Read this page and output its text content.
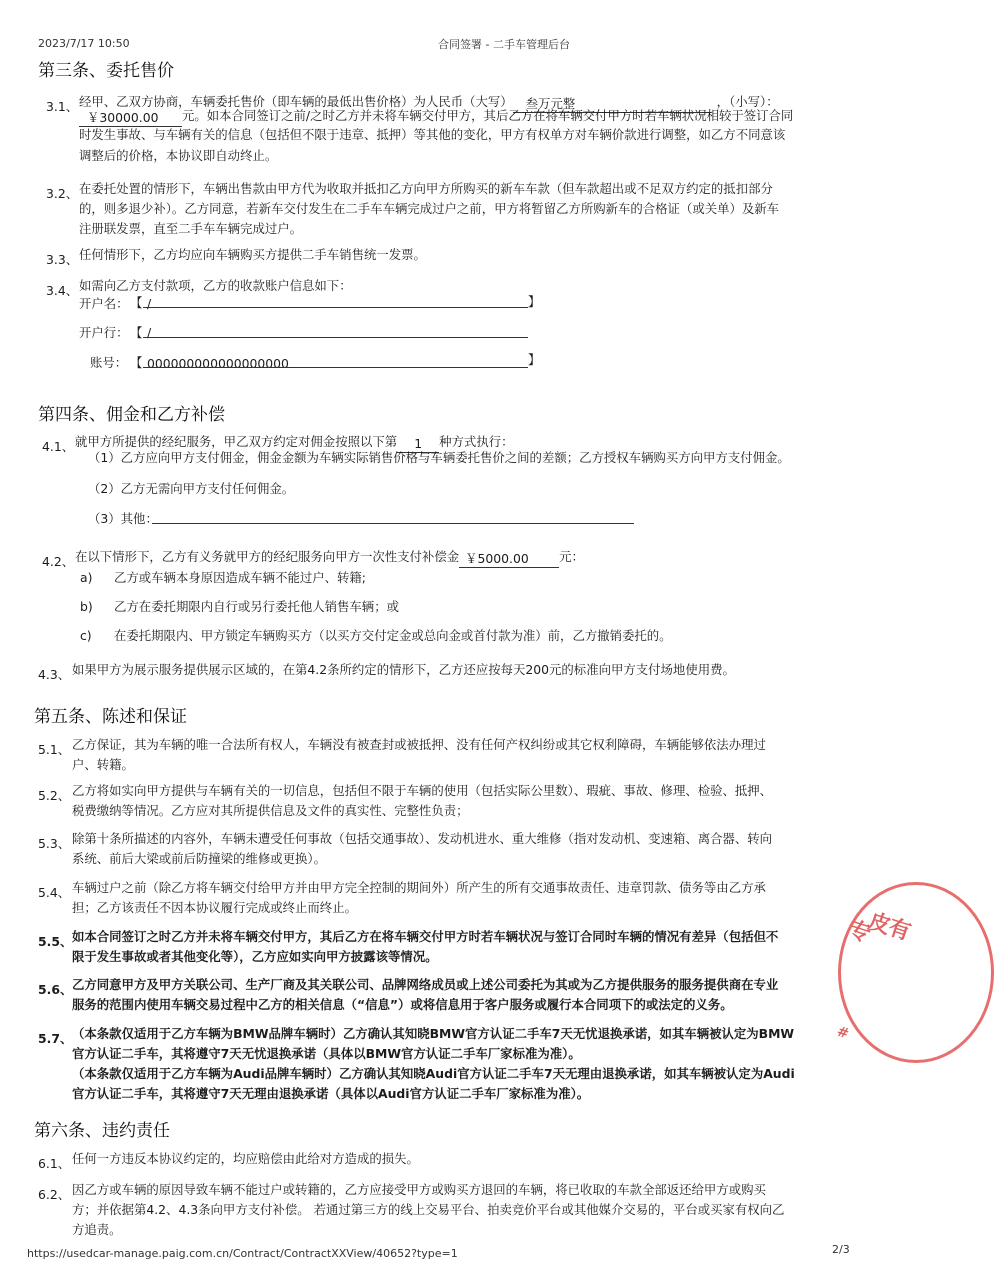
2023/7/17 10:50	合同签署 - 二手车管理后台
第三条、委托售价
3.1、 经甲、乙双方协商，车辆委托售价（即车辆的最低出售价格）为人民币（大写） 叁万元整	，（小写）：
￥30000.00 元。如本合同签订之前/之时乙方并未将车辆交付甲方，其后乙方在将车辆交付甲方时若车辆状况相较于签订合同
时发生事故、与车辆有关的信息（包括但不限于违章、抵押）等其他的变化，甲方有权单方对车辆价款进行调整，如乙方不同意该
调整后的价格，本协议即自动终止。
3.2、 在委托处置的情形下，车辆出售款由甲方代为收取并抵扣乙方向甲方所购买的新车车款（但车款超出或不足双方约定的抵扣部分
的，则多退少补）。乙方同意，若新车交付发生在二手车车辆完成过户之前，甲方将暂留乙方所购新车的合格证（或关单）及新车
注册联发票，直至二手车车辆完成过户。
3.3、 任何情形下，乙方均应向车辆购买方提供二手车销售统一发票。
3.4、 如需向乙方支付款项，乙方的收款账户信息如下：
开户名： 【 /	】
开户行： 【 /
账号： 【 000000000000000000	】
第四条、佣金和乙方补偿
4.1、 就甲方所提供的经纪服务，甲乙双方约定对佣金按照以下第 1 种方式执行：
（1）乙方应向甲方支付佣金，佣金金额为车辆实际销售价格与车辆委托售价之间的差额；乙方授权车辆购买方向甲方支付佣金。
（2）乙方无需向甲方支付任何佣金。
（3）其他：
4.2、 在以下情形下，乙方有义务就甲方的经纪服务向甲方一次性支付补偿金 ￥5000.00 元：
a) 乙方或车辆本身原因造成车辆不能过户、转籍;
b) 乙方在委托期限内自行或另行委托他人销售车辆；或
c) 在委托期限内、甲方锁定车辆购买方（以买方交付定金或总向金或首付款为准）前，乙方撤销委托的。
4.3、 如果甲方为展示服务提供展示区域的，在第4.2条所约定的情形下，乙方还应按每天200元的标准向甲方支付场地使用费。
第五条、陈述和保证
5.1、 乙方保证，其为车辆的唯一合法所有权人，车辆没有被查封或被抵押、没有任何产权纠纷或其它权利障碍，车辆能够依法办理过
户、转籍。
5.2、 乙方将如实向甲方提供与车辆有关的一切信息，包括但不限于车辆的使用（包括实际公里数）、瑕疵、事故、修理、检验、抵押、
税费缴纳等情况。乙方应对其所提供信息及文件的真实性、完整性负责；
5.3、 除第十条所描述的内容外，车辆未遭受任何事故（包括交通事故）、发动机进水、重大维修（指对发动机、变速箱、离合器、转向
系统、前后大梁或前后防撞梁的维修或更换）。
5.4、 车辆过户之前（除乙方将车辆交付给甲方并由甲方完全控制的期间外）所产生的所有交通事故责任、违章罚款、债务等由乙方承
担；乙方该责任不因本协议履行完成或终止而终止。
5.5、 如本合同签订之时乙方并未将车辆交付甲方，其后乙方在将车辆交付甲方时若车辆状况与签订合同时车辆的情况有差异（包括但不
限于发生事故或者其他变化等），乙方应如实向甲方披露该等情况。
5.6、 乙方同意甲方及甲方关联公司、生产厂商及其关联公司、品牌网络成员或上述公司委托为其或为乙方提供服务的服务提供商在专业
服务的范围内使用车辆交易过程中乙方的相关信息（“信息”）或将信息用于客户服务或履行本合同项下的或法定的义务。
5.7、 （本条款仅适用于乙方车辆为BMW品牌车辆时）乙方确认其知晓BMW官方认证二手车7天无忧退换承诺，如其车辆被认定为BMW
官方认证二手车，其将遵守7天无忧退换承诺（具体以BMW官方认证二手车厂家标准为准）。
（本条款仅适用于乙方车辆为Audi品牌车辆时）乙方确认其知晓Audi官方认证二手车7天无理由退换承诺，如其车辆被认定为Audi
官方认证二手车，其将遵守7天无理由退换承诺（具体以Audi官方认证二手车厂家标准为准）。
第六条、违约责任
6.1、 任何一方违反本协议约定的，均应赔偿由此给对方造成的损失。
6.2、 因乙方或车辆的原因导致车辆不能过户或转籍的，乙方应接受甲方或购买方退回的车辆，将已收取的车款全部返还给甲方或购买
方；并依据第4.2、4.3条向甲方支付补偿。 若通过第三方的线上交易平台、拍卖竞价平台或其他媒介交易的，平台或买家有权向乙
方追责。
专
皮
有
#
https://usedcar-manage.paig.com.cn/Contract/ContractXXView/40652?type=1	2/3
